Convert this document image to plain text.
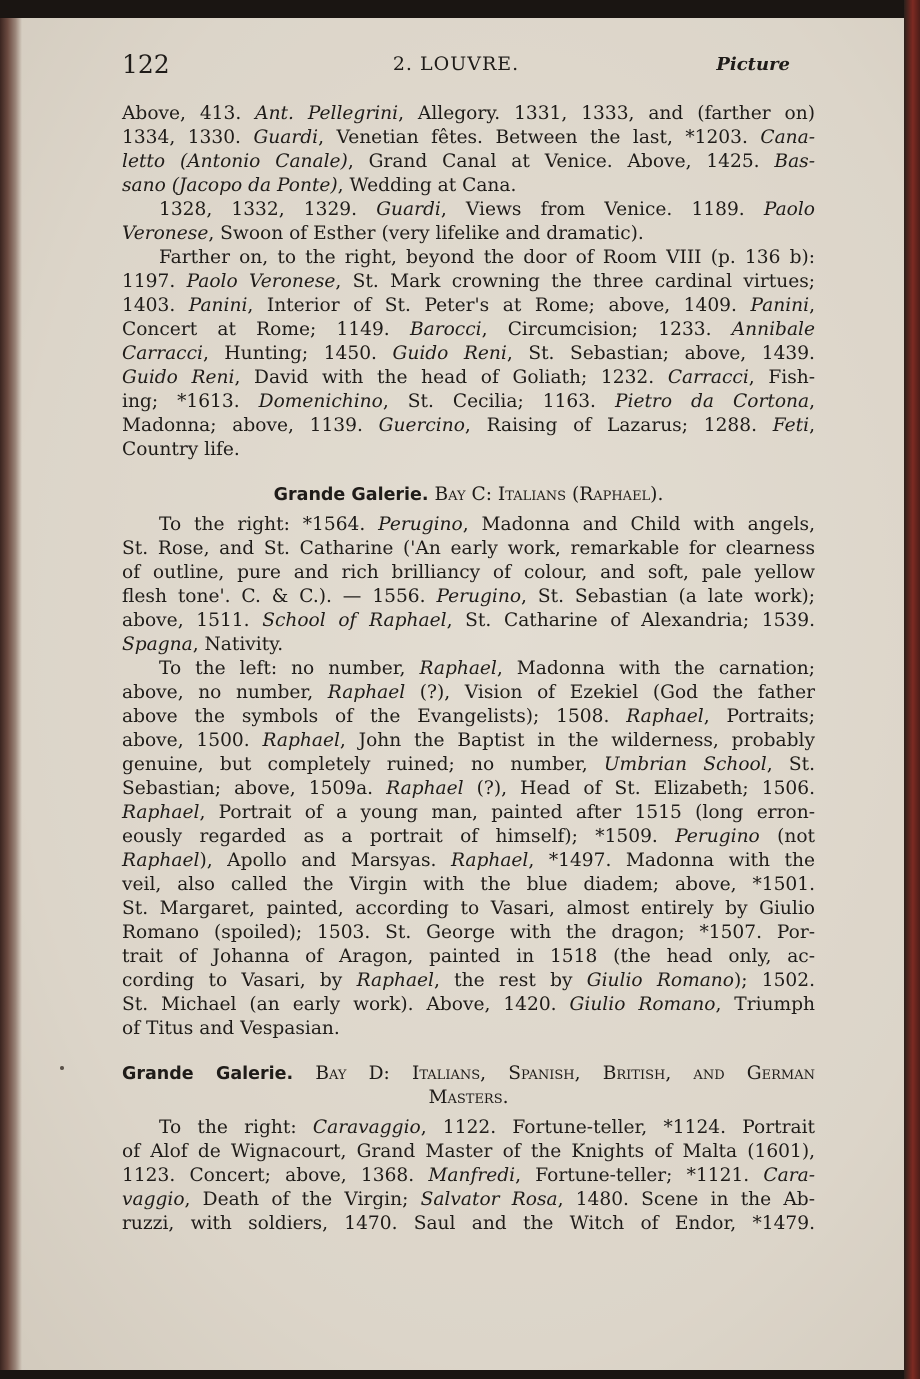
122	2. LOUVRE.	Picture
Above, 413. Ant. Pellegrini, Allegory. 1331, 1333, and (farther on)
1334, 1330. Guardi, Venetian fêtes. Between the last, *1203. Cana-
letto (Antonio Canale), Grand Canal at Venice. Above, 1425. Bas-
sano (Jacopo da Ponte), Wedding at Cana.
1328, 1332, 1329. Guardi, Views from Venice. 1189. Paolo
Veronese, Swoon of Esther (very lifelike and dramatic).
Farther on, to the right, beyond the door of Room VIII (p. 136 b):
1197. Paolo Veronese, St. Mark crowning the three cardinal virtues;
1403. Panini, Interior of St. Peter's at Rome; above, 1409. Panini,
Concert at Rome; 1149. Barocci, Circumcision; 1233. Annibale
Carracci, Hunting; 1450. Guido Reni, St. Sebastian; above, 1439.
Guido Reni, David with the head of Goliath; 1232. Carracci, Fish-
ing; *1613. Domenichino, St. Cecilia; 1163. Pietro da Cortona,
Madonna; above, 1139. Guercino, Raising of Lazarus; 1288. Feti,
Country life.
Grande Galerie. Bay C: Italians (Raphael).
To the right: *1564. Perugino, Madonna and Child with angels,
St. Rose, and St. Catharine ('An early work, remarkable for clearness
of outline, pure and rich brilliancy of colour, and soft, pale yellow
flesh tone'. C. & C.). — 1556. Perugino, St. Sebastian (a late work);
above, 1511. School of Raphael, St. Catharine of Alexandria; 1539.
Spagna, Nativity.
To the left: no number, Raphael, Madonna with the carnation;
above, no number, Raphael (?), Vision of Ezekiel (God the father
above the symbols of the Evangelists); 1508. Raphael, Portraits;
above, 1500. Raphael, John the Baptist in the wilderness, probably
genuine, but completely ruined; no number, Umbrian School, St.
Sebastian; above, 1509a. Raphael (?), Head of St. Elizabeth; 1506.
Raphael, Portrait of a young man, painted after 1515 (long erron-
eously regarded as a portrait of himself); *1509. Perugino (not
Raphael), Apollo and Marsyas. Raphael, *1497. Madonna with the
veil, also called the Virgin with the blue diadem; above, *1501.
St. Margaret, painted, according to Vasari, almost entirely by Giulio
Romano (spoiled); 1503. St. George with the dragon; *1507. Por-
trait of Johanna of Aragon, painted in 1518 (the head only, ac-
cording to Vasari, by Raphael, the rest by Giulio Romano); 1502.
St. Michael (an early work). Above, 1420. Giulio Romano, Triumph
of Titus and Vespasian.
Grande Galerie. Bay D: Italians, Spanish, British, and German
Masters.
To the right: Caravaggio, 1122. Fortune-teller, *1124. Portrait
of Alof de Wignacourt, Grand Master of the Knights of Malta (1601),
1123. Concert; above, 1368. Manfredi, Fortune-teller; *1121. Cara-
vaggio, Death of the Virgin; Salvator Rosa, 1480. Scene in the Ab-
ruzzi, with soldiers, 1470. Saul and the Witch of Endor, *1479.
